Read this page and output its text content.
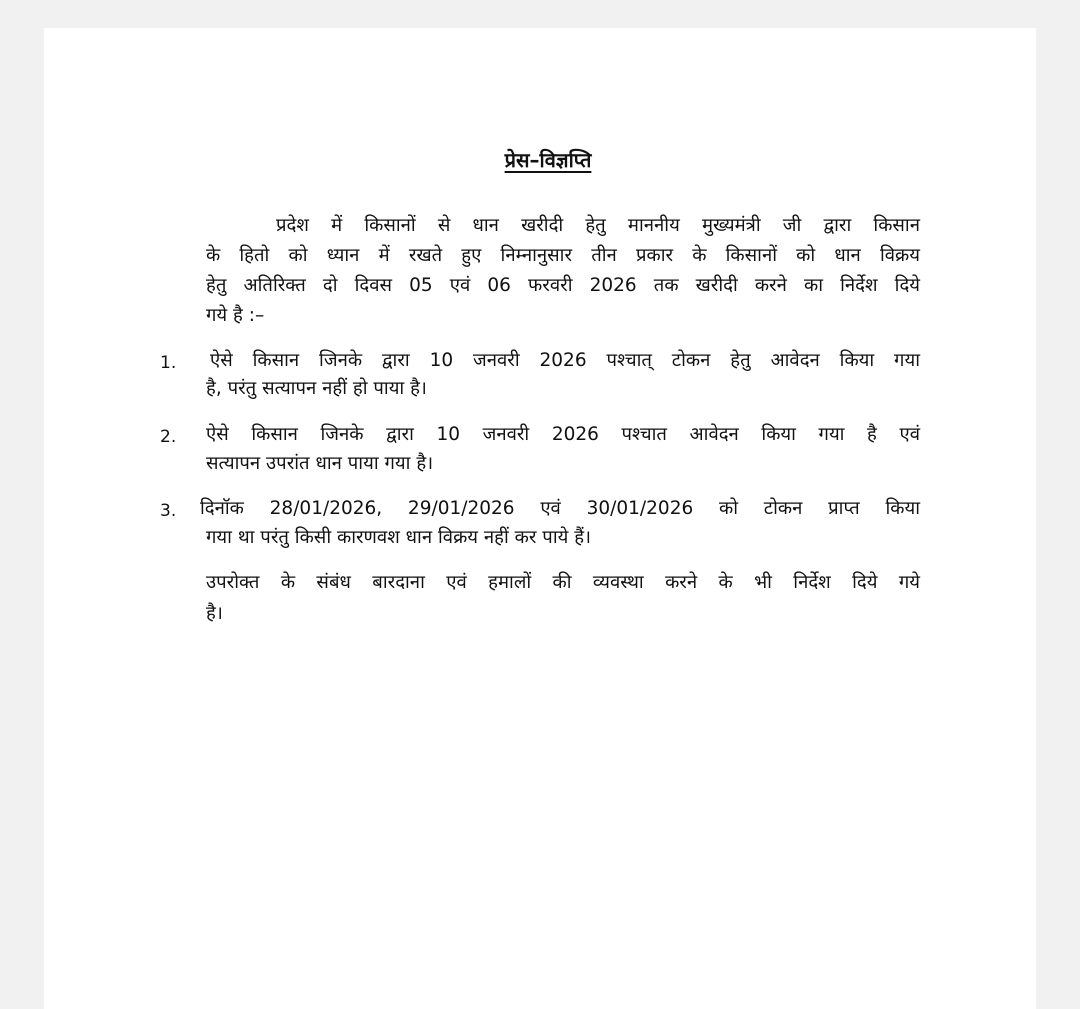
प्रेस–विज्ञप्ति

प्रदेश में किसानों से धान खरीदी हेतु माननीय मुख्यमंत्री जी द्वारा किसान

के हितो को ध्यान में रखते हुए निम्नानुसार तीन प्रकार के किसानों को धान विक्रय

हेतु अतिरिक्त दो दिवस 05 एवं 06 फरवरी 2026 तक खरीदी करने का निर्देश दिये

गये है :–

1. ऐसे किसान जिनके द्वारा 10 जनवरी 2026 पश्चात् टोकन हेतु आवेदन किया गया

है, परंतु सत्यापन नहीं हो पाया है।

2. ऐसे किसान जिनके द्वारा 10 जनवरी 2026 पश्चात आवेदन किया गया है एवं

सत्यापन उपरांत धान पाया गया है।

3. दिनॉक 28/01/2026, 29/01/2026 एवं 30/01/2026 को टोकन प्राप्त किया

गया था परंतु किसी कारणवश धान विक्रय नहीं कर पाये हैं।

उपरोक्त के संबंध बारदाना एवं हमालों की व्यवस्था करने के भी निर्देश दिये गये

है।
